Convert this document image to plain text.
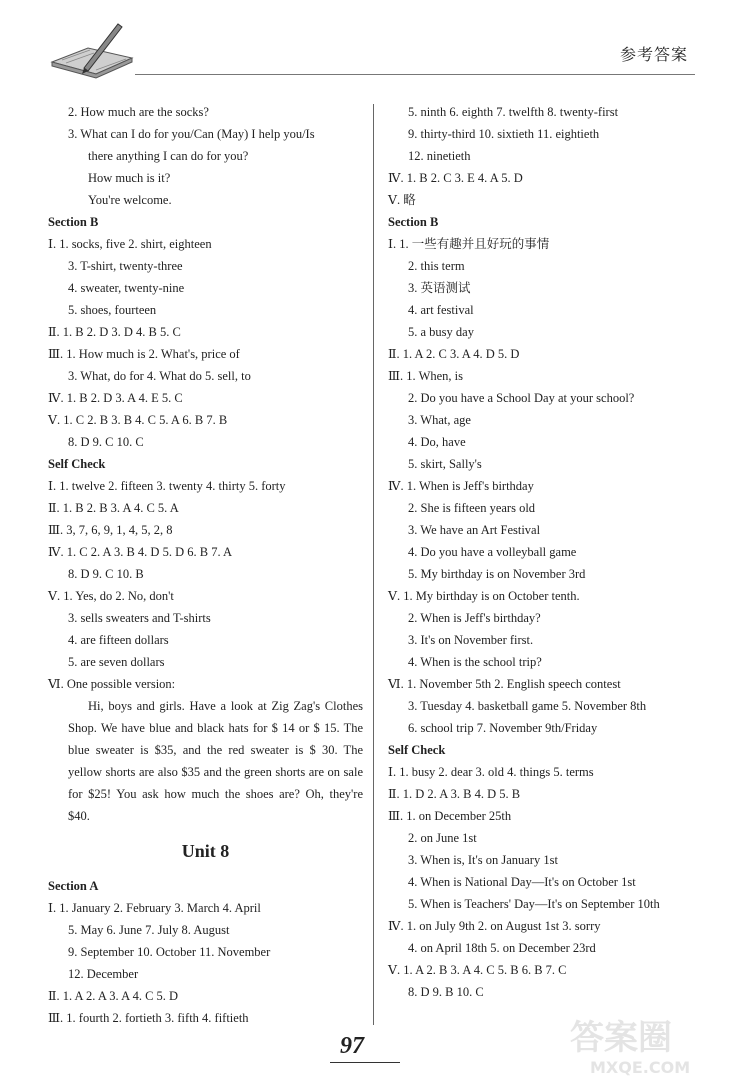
参考答案
2. How much are the socks?
3. What can I do for you/Can (May) I help you/Is
there anything I can do for you?
How much is it?
You're welcome.
Section B
Ⅰ. 1. socks, five 2. shirt, eighteen
3. T-shirt, twenty-three
4. sweater, twenty-nine
5. shoes, fourteen
Ⅱ. 1. B 2. D 3. D 4. B 5. C
Ⅲ. 1. How much is 2. What's, price of
3. What, do for 4. What do 5. sell, to
Ⅳ. 1. B 2. D 3. A 4. E 5. C
Ⅴ. 1. C 2. B 3. B 4. C 5. A 6. B 7. B
8. D 9. C 10. C
Self Check
Ⅰ. 1. twelve 2. fifteen 3. twenty 4. thirty 5. forty
Ⅱ. 1. B 2. B 3. A 4. C 5. A
Ⅲ. 3, 7, 6, 9, 1, 4, 5, 2, 8
Ⅳ. 1. C 2. A 3. B 4. D 5. D 6. B 7. A
8. D 9. C 10. B
Ⅴ. 1. Yes, do 2. No, don't
3. sells sweaters and T-shirts
4. are fifteen dollars
5. are seven dollars
Ⅵ. One possible version:
Hi, boys and girls. Have a look at Zig Zag's Clothes Shop. We have blue and black hats for $ 14 or $ 15. The blue sweater is $35, and the red sweater is $ 30. The yellow shorts are also $35 and the green shorts are on sale for $25! You ask how much the shoes are? Oh, they're $40.
Unit 8
Section A
Ⅰ. 1. January 2. February 3. March 4. April
5. May 6. June 7. July 8. August
9. September 10. October 11. November
12. December
Ⅱ. 1. A 2. A 3. A 4. C 5. D
Ⅲ. 1. fourth 2. fortieth 3. fifth 4. fiftieth
5. ninth 6. eighth 7. twelfth 8. twenty-first
9. thirty-third 10. sixtieth 11. eightieth
12. ninetieth
Ⅳ. 1. B 2. C 3. E 4. A 5. D
Ⅴ. 略
Section B
Ⅰ. 1. 一些有趣并且好玩的事情
2. this term
3. 英语测试
4. art festival
5. a busy day
Ⅱ. 1. A 2. C 3. A 4. D 5. D
Ⅲ. 1. When, is
2. Do you have a School Day at your school?
3. What, age
4. Do, have
5. skirt, Sally's
Ⅳ. 1. When is Jeff's birthday
2. She is fifteen years old
3. We have an Art Festival
4. Do you have a volleyball game
5. My birthday is on November 3rd
Ⅴ. 1. My birthday is on October tenth.
2. When is Jeff's birthday?
3. It's on November first.
4. When is the school trip?
Ⅵ. 1. November 5th 2. English speech contest
3. Tuesday 4. basketball game 5. November 8th
6. school trip 7. November 9th/Friday
Self Check
Ⅰ. 1. busy 2. dear 3. old 4. things 5. terms
Ⅱ. 1. D 2. A 3. B 4. D 5. B
Ⅲ. 1. on December 25th
2. on June 1st
3. When is, It's on January 1st
4. When is National Day—It's on October 1st
5. When is Teachers' Day—It's on September 10th
Ⅳ. 1. on July 9th 2. on August 1st 3. sorry
4. on April 18th 5. on December 23rd
Ⅴ. 1. A 2. B 3. A 4. C 5. B 6. B 7. C
8. D 9. B 10. C
97	答案圈
MXQE.COM
